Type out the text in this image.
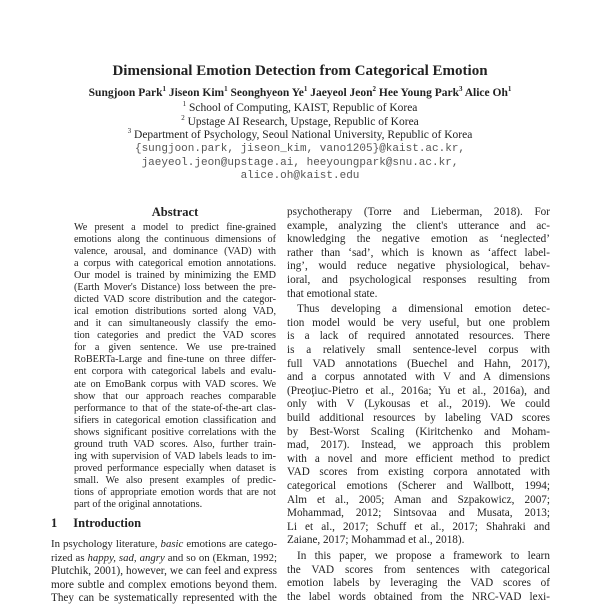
Dimensional Emotion Detection from Categorical Emotion
Sungjoon Park$^1$ Jiseon Kim$^1$ Seonghyeon Ye$^1$ Jaeyeol Jeon$^2$ Hee Young Park$^3$ Alice Oh$^1$
$^1$ School of Computing, KAIST, Republic of Korea
$^2$ Upstage AI Research, Upstage, Republic of Korea
$^3$ Department of Psychology, Seoul National University, Republic of Korea
{sungjoon.park, jiseon_kim, vano1205}@kaist.ac.kr,
jaeyeol.jeon@upstage.ai, heeyoungpark@snu.ac.kr,
alice.oh@kaist.edu
Abstract
We present a model to predict fine-grained
emotions along the continuous dimensions of
valence, arousal, and dominance (VAD) with
a corpus with categorical emotion annotations.
Our model is trained by minimizing the EMD
(Earth Mover's Distance) loss between the pre-
dicted VAD score distribution and the categor-
ical emotion distributions sorted along VAD,
and it can simultaneously classify the emo-
tion categories and predict the VAD scores
for a given sentence. We use pre-trained
RoBERTa-Large and fine-tune on three differ-
ent corpora with categorical labels and evalu-
ate on EmoBank corpus with VAD scores. We
show that our approach reaches comparable
performance to that of the state-of-the-art clas-
sifiers in categorical emotion classification and
shows significant positive correlations with the
ground truth VAD scores. Also, further train-
ing with supervision of VAD labels leads to im-
proved performance especially when dataset is
small. We also present examples of predic-
tions of appropriate emotion words that are not
part of the original annotations.
1 Introduction
In psychology literature, basic emotions are catego-
rized as happy, sad, angry and so on (Ekman, 1992;
Plutchik, 2001), however, we can feel and express
more subtle and complex emotions beyond them.
They can be systematically represented with the
psychotherapy (Torre and Lieberman, 2018). For
example, analyzing the client's utterance and ac-
knowledging the negative emotion as ‘neglected’
rather than ‘sad’, which is known as ‘affect label-
ing’, would reduce negative physiological, behav-
ioral, and psychological responses resulting from
that emotional state.
Thus developing a dimensional emotion detec-
tion model would be very useful, but one problem
is a lack of required annotated resources. There
is a relatively small sentence-level corpus with
full VAD annotations (Buechel and Hahn, 2017),
and a corpus annotated with V and A dimensions
(Preoţiuc-Pietro et al., 2016a; Yu et al., 2016a), and
only with V (Lykousas et al., 2019). We could
build additional resources by labeling VAD scores
by Best-Worst Scaling (Kiritchenko and Moham-
mad, 2017). Instead, we approach this problem
with a novel and more efficient method to predict
VAD scores from existing corpora annotated with
categorical emotions (Scherer and Wallbott, 1994;
Alm et al., 2005; Aman and Szpakowicz, 2007;
Mohammad, 2012; Sintsovaa and Musata, 2013;
Li et al., 2017; Schuff et al., 2017; Shahraki and
Zaiane, 2017; Mohammad et al., 2018).
In this paper, we propose a framework to learn
the VAD scores from sentences with categorical
emotion labels by leveraging the VAD scores of
the label words obtained from the NRC-VAD lexi-
